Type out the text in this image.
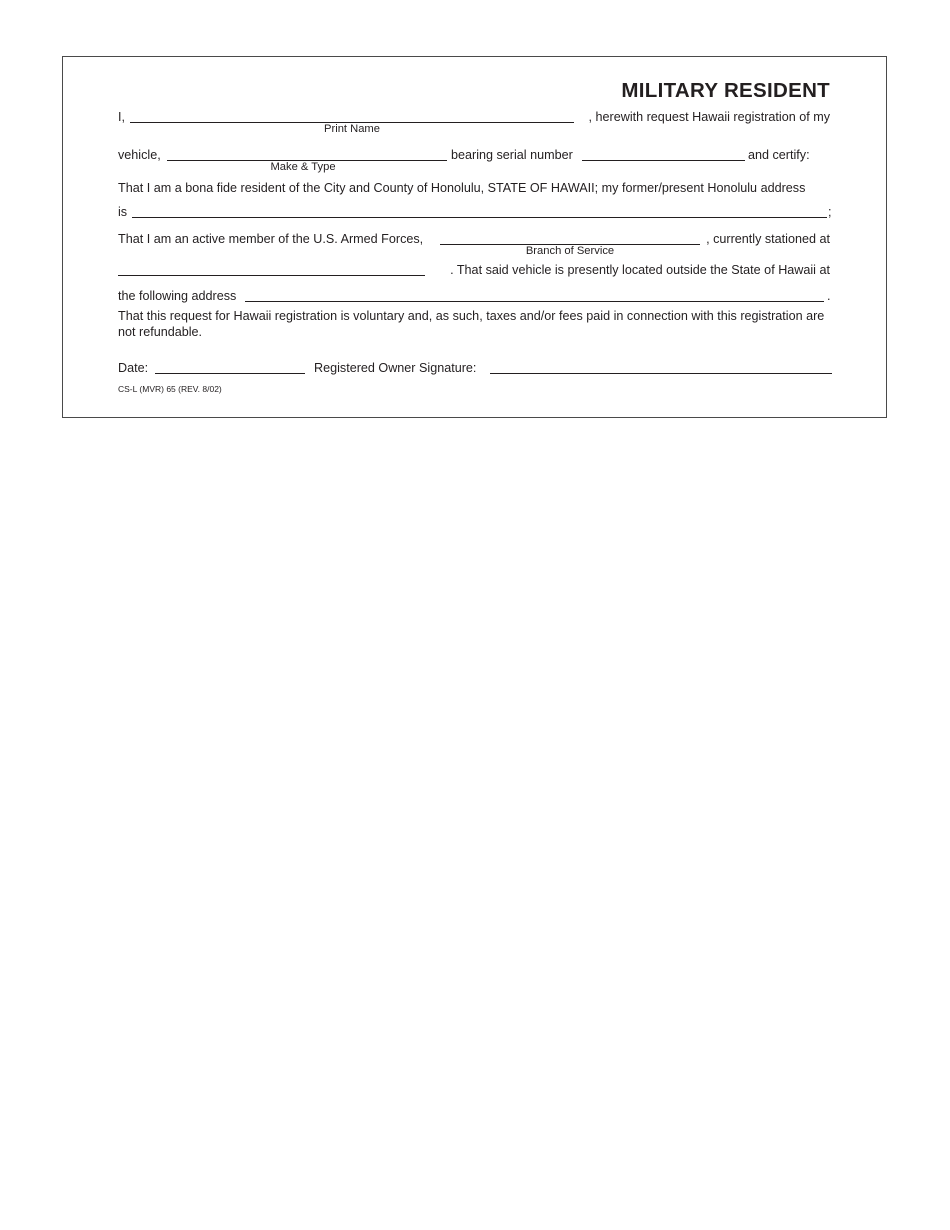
MILITARY RESIDENT
I,
Print Name
, herewith request Hawaii registration of my
vehicle,
Make & Type
bearing serial number	and certify:
That I am a bona fide resident of the City and County of Honolulu, STATE OF HAWAII; my former/present Honolulu address
is	;
That I am an active member of the U.S. Armed Forces,
Branch of Service
, currently stationed at
. That said vehicle is presently located outside the State of Hawaii at
the following address	.
That this request for Hawaii registration is voluntary and, as such, taxes and/or fees paid in connection with this registration are not refundable.
Date:	Registered Owner Signature:
CS-L (MVR) 65 (REV. 8/02)
